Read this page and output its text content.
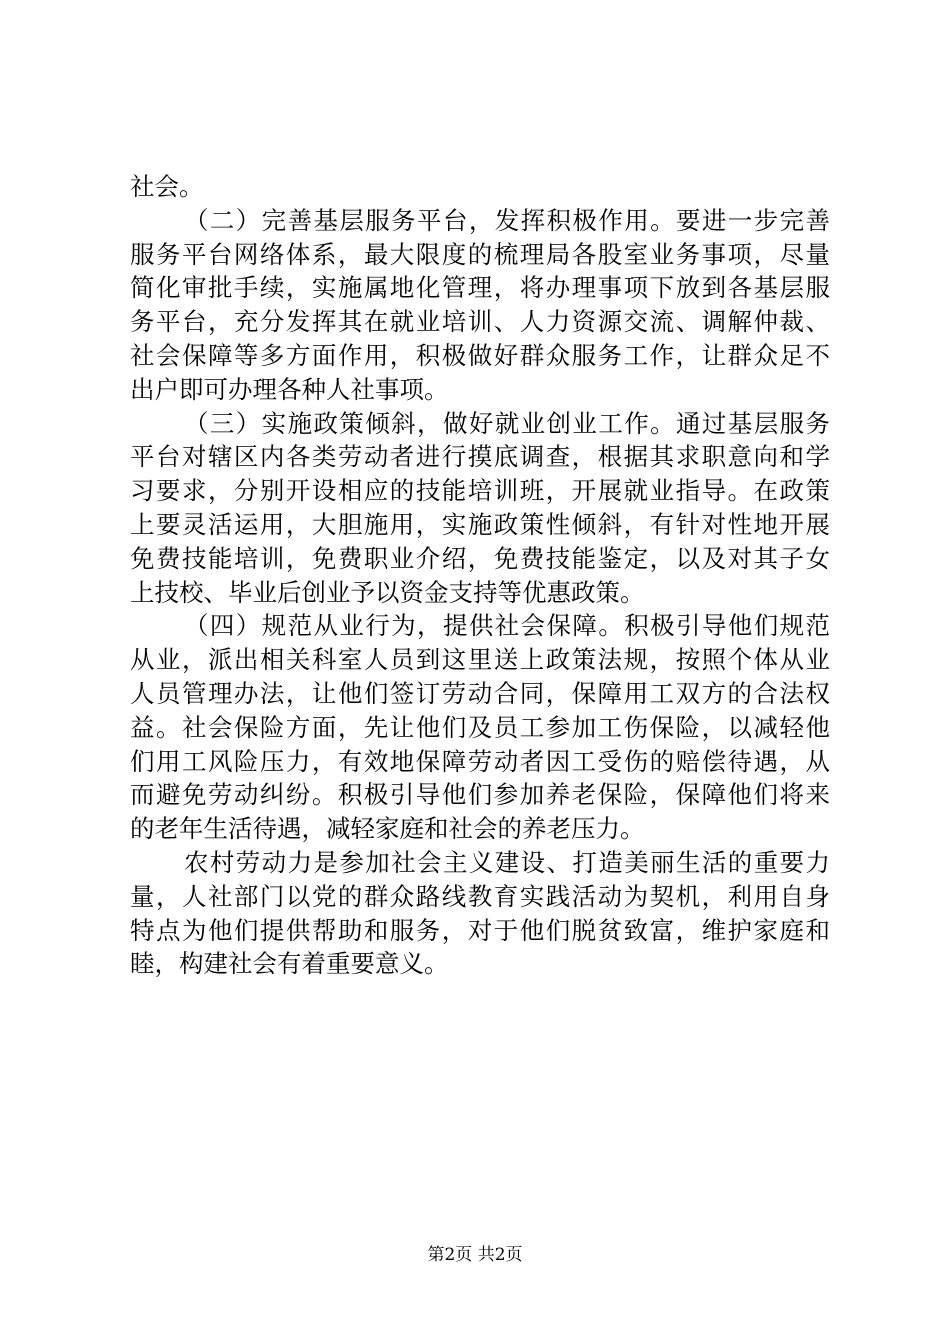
社会。
（二）完善基层服务平台，发挥积极作用。要进一步完善
服务平台网络体系，最大限度的梳理局各股室业务事项，尽量
简化审批手续，实施属地化管理，将办理事项下放到各基层服
务平台，充分发挥其在就业培训、人力资源交流、调解仲裁、
社会保障等多方面作用，积极做好群众服务工作，让群众足不
出户即可办理各种人社事项。
（三）实施政策倾斜，做好就业创业工作。通过基层服务
平台对辖区内各类劳动者进行摸底调查，根据其求职意向和学
习要求，分别开设相应的技能培训班，开展就业指导。在政策
上要灵活运用，大胆施用，实施政策性倾斜，有针对性地开展
免费技能培训，免费职业介绍，免费技能鉴定，以及对其子女
上技校、毕业后创业予以资金支持等优惠政策。
（四）规范从业行为，提供社会保障。积极引导他们规范
从业，派出相关科室人员到这里送上政策法规，按照个体从业
人员管理办法，让他们签订劳动合同，保障用工双方的合法权
益。社会保险方面，先让他们及员工参加工伤保险，以减轻他
们用工风险压力，有效地保障劳动者因工受伤的赔偿待遇，从
而避免劳动纠纷。积极引导他们参加养老保险，保障他们将来
的老年生活待遇，减轻家庭和社会的养老压力。
农村劳动力是参加社会主义建设、打造美丽生活的重要力
量，人社部门以党的群众路线教育实践活动为契机，利用自身
特点为他们提供帮助和服务，对于他们脱贫致富，维护家庭和
睦，构建社会有着重要意义。
第2页 共2页
